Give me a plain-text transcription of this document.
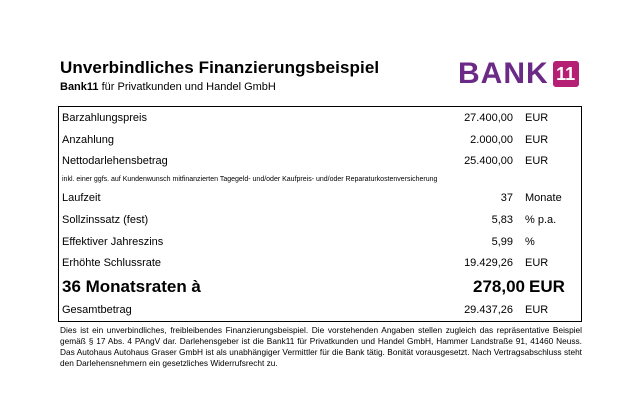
Unverbindliches Finanzierungsbeispiel
Bank11 für Privatkunden und Handel GmbH	BANK 11
Barzahlungspreis	27.400,00 EUR
Anzahlung	2.000,00 EUR
Nettodarlehensbetrag	25.400,00 EUR
inkl. einer ggfs. auf Kundenwunsch mitfinanzierten Tagegeld- und/oder Kaufpreis- und/oder Reparaturkostenversicherung
Laufzeit	37 Monate
Sollzinssatz (fest)	5,83 % p.a.
Effektiver Jahreszins	5,99 %
Erhöhte Schlussrate	19.429,26 EUR
36 Monatsraten à	278,00 EUR
Gesamtbetrag	29.437,26 EUR
Dies ist ein unverbindliches, freibleibendes Finanzierungsbeispiel. Die vorstehenden Angaben stellen zugleich das repräsentative Beispiel gemäß § 17 Abs. 4 PAngV dar. Darlehensgeber ist die Bank11 für Privatkunden und Handel GmbH, Hammer Landstraße 91, 41460 Neuss. Das Autohaus Autohaus Graser GmbH ist als unabhängiger Vermittler für die Bank tätig. Bonität vorausgesetzt. Nach Vertragsabschluss steht den Darlehensnehmern ein gesetzliches Widerrufsrecht zu.
